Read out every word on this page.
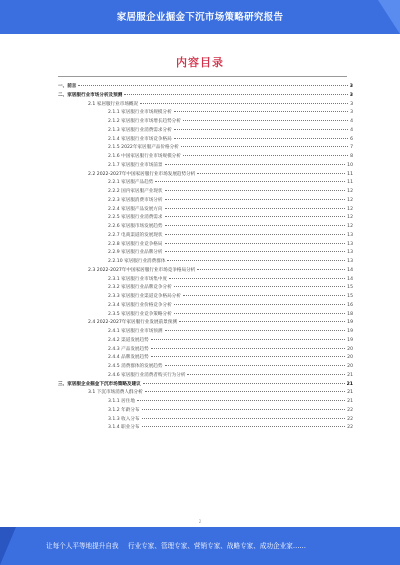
家居服企业掘金下沉市场策略研究报告
内容目录
一、前言	3
二、家居服行业市场分析及预测	3
2.1 家居服行业市场概况	3
2.1.1 家居服行业市场规模分析	3
2.1.2 家居服行业市场增长趋势分析	4
2.1.3 家居服行业消费需求分析	4
2.1.4 家居服行业市场竞争格局	6
2.1.5 2022年家居服产品价格分析	7
2.1.6 中国家居服行业市场规模分析	8
2.1.7 家居服行业市场前景	10
2.2 2022-2027年中国家居服行业市场发展趋势分析	11
2.2.1 家居服产品趋势	11
2.2.2 国内家居服产业现状	12
2.2.3 家居服消费市场分析	12
2.2.4 家居服产品发展方向	12
2.2.5 家居服行业消费需求	12
2.2.6 家居服市场发展趋势	12
2.2.7 电商渠道的发展现状	13
2.2.8 家居服行业竞争格局	13
2.2.9 家居服行业品牌分析	13
2.2.10 家居服行业消费群体	13
2.3 2022-2027年中国家居服行业市场竞争格局分析	14
2.3.1 家居服行业市场集中度	14
2.3.2 家居服行业品牌竞争分析	15
2.3.3 家居服行业渠道竞争格局分析	15
2.3.4 家居服行业价格竞争分析	16
2.3.5 家居服行业竞争策略分析	18
2.4 2022-2027年家居服行业发展前景预测	19
2.4.1 家居服行业市场预测	19
2.4.2 渠道发展趋势	19
2.4.3 产品发展趋势	20
2.4.4 品牌发展趋势	20
2.4.5 消费群体的发展趋势	20
2.4.6 家居服行业消费者购买行为分析	21
三、家居服企业掘金下沉市场策略及建议	21
3.1 下沉市场消费人群分析	21
3.1.1 居住地	21
3.1.2 年龄分布	22
3.1.3 收入分布	22
3.1.4 职业分布	22
2
让每个人平等地提升自我 行业专家、管理专家、营销专家、战略专家、成功企业家……
